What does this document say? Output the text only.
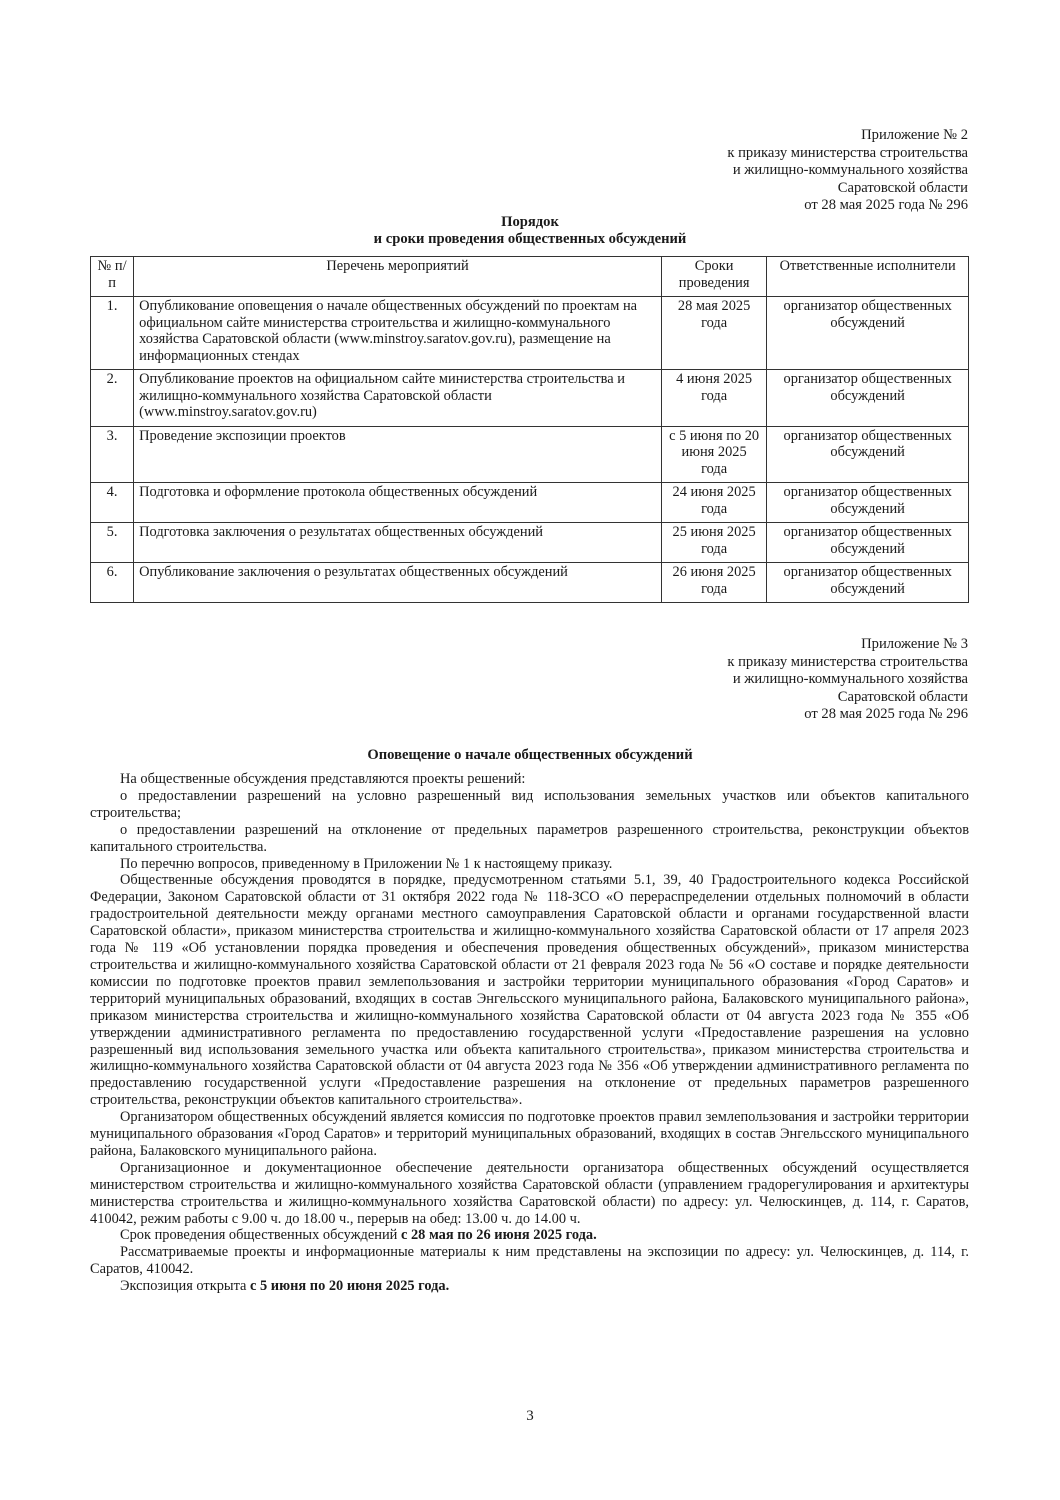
Приложение № 2
к приказу министерства строительства
и жилищно-коммунального хозяйства
Саратовской области
от 28 мая 2025 года № 296
Порядок
и сроки проведения общественных обсуждений
№ п/п	Перечень мероприятий	Сроки проведения	Ответственные исполнители
1.	Опубликование оповещения о начале общественных обсуждений по проектам на официальном сайте министерства строительства и жилищно-коммунального хозяйства Саратовской области (www.minstroy.saratov.gov.ru), размещение на информационных стендах	28 мая 2025 года	организатор общественных обсуждений
2.	Опубликование проектов на официальном сайте министерства строительства и жилищно-коммунального хозяйства Саратовской области (www.minstroy.saratov.gov.ru)	4 июня 2025 года	организатор общественных обсуждений
3.	Проведение экспозиции проектов	с 5 июня по 20 июня 2025 года	организатор общественных обсуждений
4.	Подготовка и оформление протокола общественных обсуждений	24 июня 2025 года	организатор общественных обсуждений
5.	Подготовка заключения о результатах общественных обсуждений	25 июня 2025 года	организатор общественных обсуждений
6.	Опубликование заключения о результатах общественных обсуждений	26 июня 2025 года	организатор общественных обсуждений
Приложение № 3
к приказу министерства строительства
и жилищно-коммунального хозяйства
Саратовской области
от 28 мая 2025 года № 296
Оповещение о начале общественных обсуждений

На общественные обсуждения представляются проекты решений:

о предоставлении разрешений на условно разрешенный вид использования земельных участков или объектов капитального строительства;

о предоставлении разрешений на отклонение от предельных параметров разрешенного строительства, реконструкции объектов капитального строительства.

По перечню вопросов, приведенному в Приложении № 1 к настоящему приказу.

Общественные обсуждения проводятся в порядке, предусмотренном статьями 5.1, 39, 40 Градостроительного кодекса Российской Федерации, Законом Саратовской области от 31 октября 2022 года № 118-ЗСО «О перераспределении отдельных полномочий в области градостроительной деятельности между органами местного самоуправления Саратовской области и органами государственной власти Саратовской области», приказом министерства строительства и жилищно-коммунального хозяйства Саратовской области от 17 апреля 2023 года № 119 «Об установлении порядка проведения и обеспечения проведения общественных обсуждений», приказом министерства строительства и жилищно-коммунального хозяйства Саратовской области от 21 февраля 2023 года № 56 «О составе и порядке деятельности комиссии по подготовке проектов правил землепользования и застройки территории муниципального образования «Город Саратов» и территорий муниципальных образований, входящих в состав Энгельсского муниципального района, Балаковского муниципального района», приказом министерства строительства и жилищно-коммунального хозяйства Саратовской области от 04 августа 2023 года № 355 «Об утверждении административного регламента по предоставлению государственной услуги «Предоставление разрешения на условно разрешенный вид использования земельного участка или объекта капитального строительства», приказом министерства строительства и жилищно-коммунального хозяйства Саратовской области от 04 августа 2023 года № 356 «Об утверждении административного регламента по предоставлению государственной услуги «Предоставление разрешения на отклонение от предельных параметров разрешенного строительства, реконструкции объектов капитального строительства».

Организатором общественных обсуждений является комиссия по подготовке проектов правил землепользования и застройки территории муниципального образования «Город Саратов» и территорий муниципальных образований, входящих в состав Энгельсского муниципального района, Балаковского муниципального района.

Организационное и документационное обеспечение деятельности организатора общественных обсуждений осуществляется министерством строительства и жилищно-коммунального хозяйства Саратовской области (управлением градорегулирования и архитектуры министерства строительства и жилищно-коммунального хозяйства Саратовской области) по адресу: ул. Челюскинцев, д. 114, г. Саратов, 410042, режим работы с 9.00 ч. до 18.00 ч., перерыв на обед: 13.00 ч. до 14.00 ч.

Срок проведения общественных обсуждений с 28 мая по 26 июня 2025 года.

Рассматриваемые проекты и информационные материалы к ним представлены на экспозиции по адресу: ул. Челюскинцев, д. 114, г. Саратов, 410042.

Экспозиция открыта с 5 июня по 20 июня 2025 года.

3
